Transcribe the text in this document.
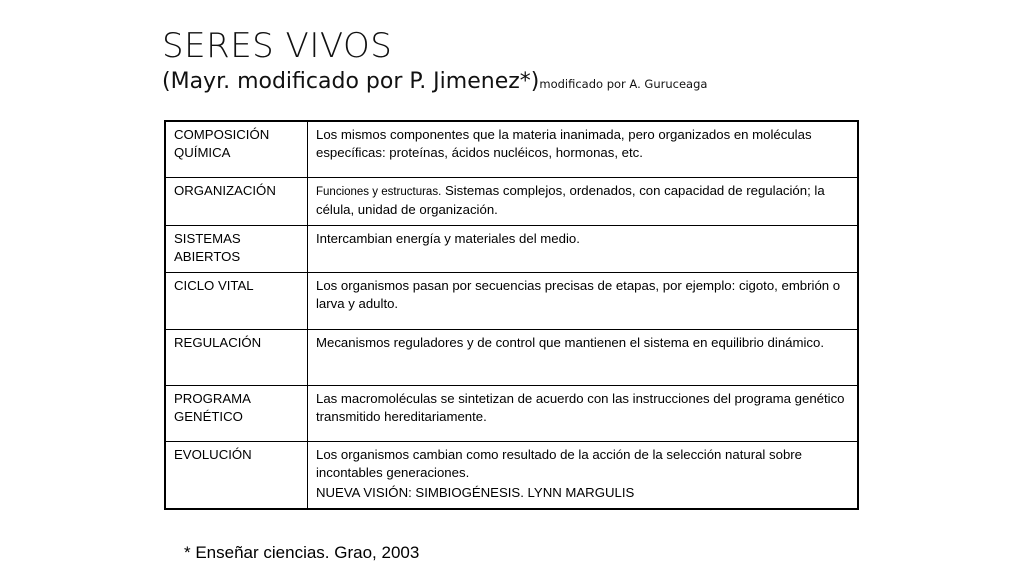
SERES VIVOS
(Mayr. modificado por P. Jimenez*)modificado por A. Guruceaga
COMPOSICIÓN QUÍMICA	Los mismos componentes que la materia inanimada, pero organizados en moléculas específicas: proteínas, ácidos nucléicos, hormonas, etc.
ORGANIZACIÓN	Funciones y estructuras. Sistemas complejos, ordenados, con capacidad de regulación; la célula, unidad de organización.
SISTEMAS ABIERTOS	Intercambian energía y materiales del medio.
CICLO VITAL	Los organismos pasan por secuencias precisas de etapas, por ejemplo: cigoto, embrión o larva y adulto.
REGULACIÓN	Mecanismos reguladores y de control que mantienen el sistema en equilibrio dinámico.
PROGRAMA GENÉTICO	Las macromoléculas se sintetizan de acuerdo con las instrucciones del programa genético transmitido hereditariamente.
EVOLUCIÓN	Los organismos cambian como resultado de la acción de la selección natural sobre incontables generaciones.
NUEVA VISIÓN: SIMBIOGÉNESIS. LYNN MARGULIS
* Enseñar ciencias. Grao, 2003
